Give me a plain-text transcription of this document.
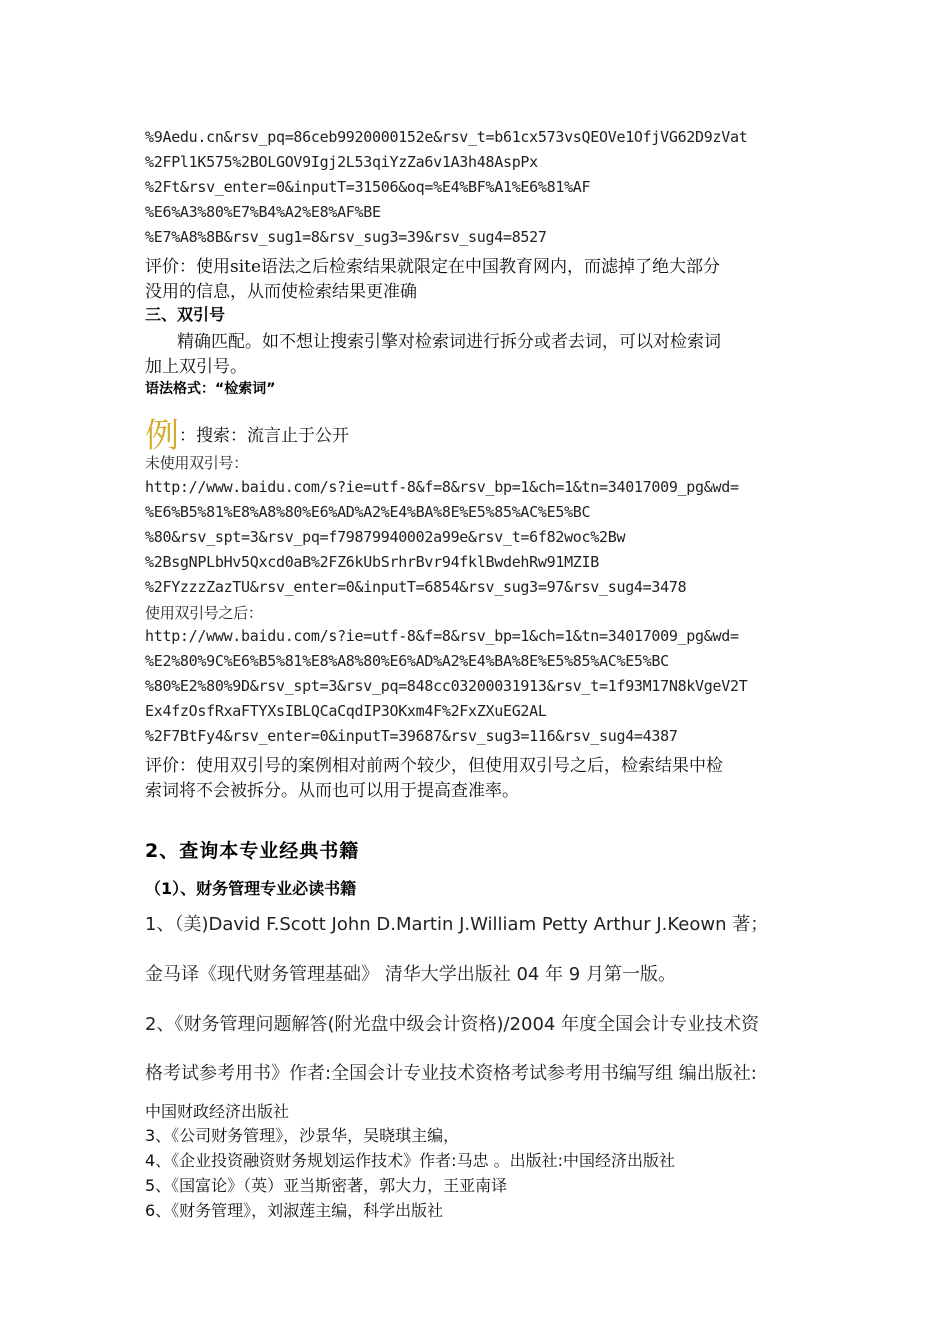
%9Aedu.cn&rsv_pq=86ceb9920000152e&rsv_t=b61cx573vsQEOVe1OfjVG62D9zVat
%2FPl1K575%2BOLGOV9Igj2L53qiYzZa6v1A3h48AspPx
%2Ft&rsv_enter=0&inputT=31506&oq=%E4%BF%A1%E6%81%AF
%E6%A3%80%E7%B4%A2%E8%AF%BE
%E7%A8%8B&rsv_sug1=8&rsv_sug3=39&rsv_sug4=8527
评价：使用site语法之后检索结果就限定在中国教育网内，而滤掉了绝大部分
没用的信息，从而使检索结果更准确
三、双引号
精确匹配。如不想让搜索引擎对检索词进行拆分或者去词，可以对检索词
加上双引号。
语法格式：“检索词”
例：搜索：流言止于公开
未使用双引号：
http://www.baidu.com/s?ie=utf-8&f=8&rsv_bp=1&ch=1&tn=34017009_pg&wd=
%E6%B5%81%E8%A8%80%E6%AD%A2%E4%BA%8E%E5%85%AC%E5%BC
%80&rsv_spt=3&rsv_pq=f79879940002a99e&rsv_t=6f82woc%2Bw
%2BsgNPLbHv5Qxcd0aB%2FZ6kUbSrhrBvr94fklBwdehRw91MZIB
%2FYzzzZazTU&rsv_enter=0&inputT=6854&rsv_sug3=97&rsv_sug4=3478
使用双引号之后：
http://www.baidu.com/s?ie=utf-8&f=8&rsv_bp=1&ch=1&tn=34017009_pg&wd=
%E2%80%9C%E6%B5%81%E8%A8%80%E6%AD%A2%E4%BA%8E%E5%85%AC%E5%BC
%80%E2%80%9D&rsv_spt=3&rsv_pq=848cc03200031913&rsv_t=1f93M17N8kVgeV2T
Ex4fzOsfRxaFTYXsIBLQCaCqdIP3OKxm4F%2FxZXuEG2AL
%2F7BtFy4&rsv_enter=0&inputT=39687&rsv_sug3=116&rsv_sug4=4387
评价：使用双引号的案例相对前两个较少，但使用双引号之后，检索结果中检
索词将不会被拆分。从而也可以用于提高查准率。
2、查询本专业经典书籍
（1）、财务管理专业必读书籍
1、（美)David F.Scott John D.Martin J.William Petty Arthur J.Keown 著；
金马译《现代财务管理基础》 清华大学出版社 04 年 9 月第一版。
2、《财务管理问题解答(附光盘中级会计资格)/2004 年度全国会计专业技术资
格考试参考用书》作者:全国会计专业技术资格考试参考用书编写组 编出版社:
中国财政经济出版社
3、《公司财务管理》，沙景华，吴晓琪主编，
4、《企业投资融资财务规划运作技术》作者:马忠 。出版社:中国经济出版社
5、《国富论》（英）亚当斯密著，郭大力，王亚南译
6、《财务管理》，刘淑莲主编，科学出版社
